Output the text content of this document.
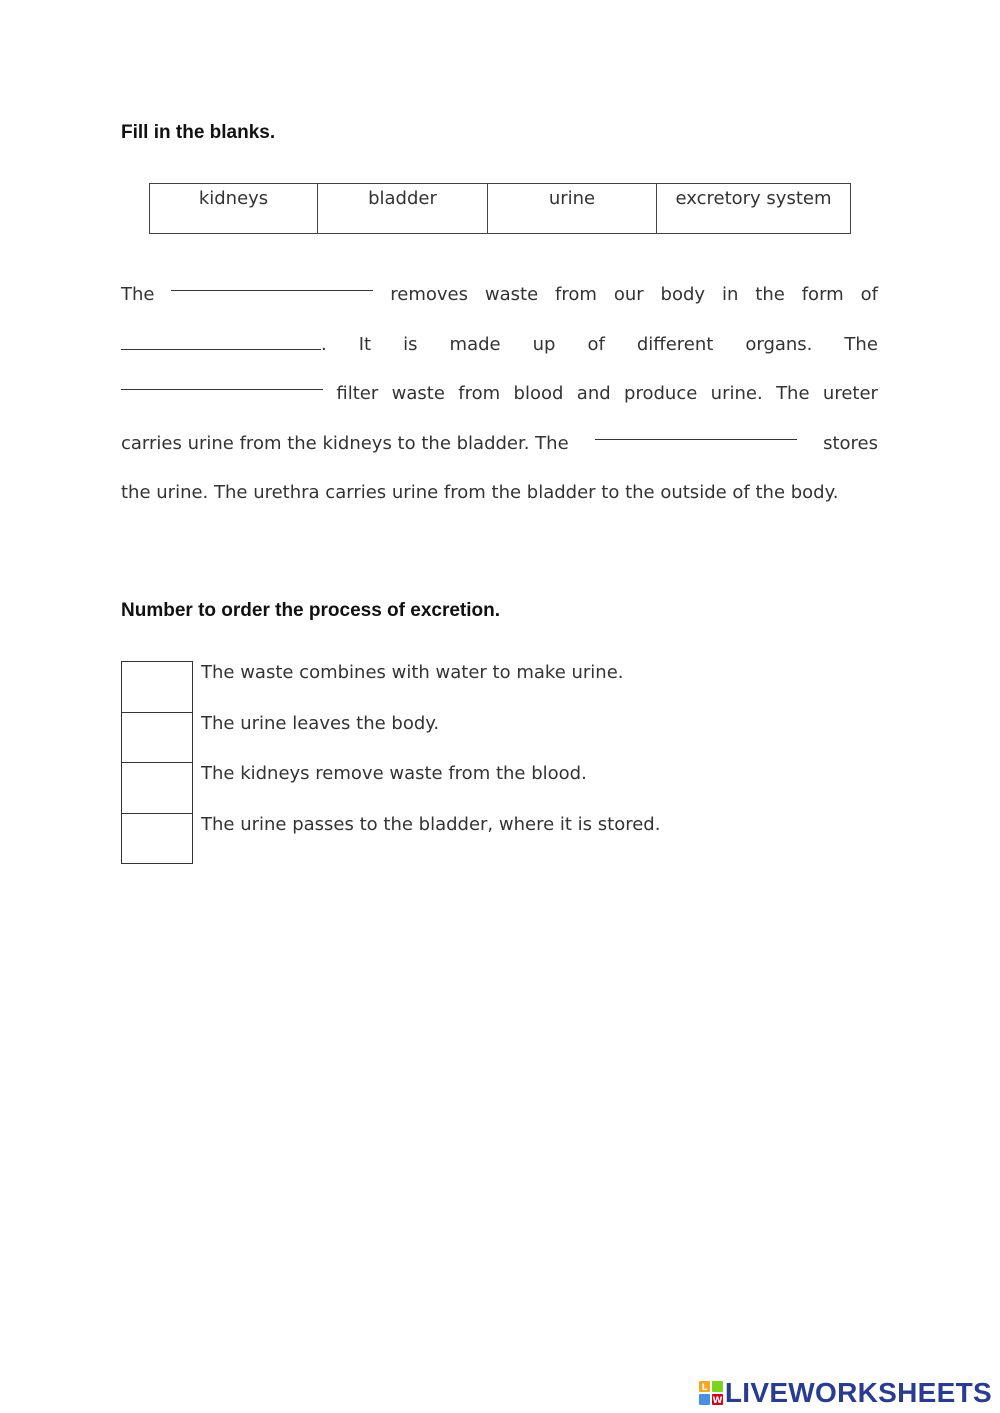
Fill in the blanks.

kidneys	bladder	urine	excretory system
The	removes waste from our body in the form of
. It is made up of different organs. The
filter waste from blood and produce urine. The ureter
carries urine from the kidneys to the bladder. The	stores
the urine. The urethra carries urine from the bladder to the outside of the body.

Number to order the process of excretion.

The waste combines with water to make urine.
The urine leaves the body.
The kidneys remove waste from the blood.
The urine passes to the bladder, where it is stored.
L
W LIVEWORKSHEETS
